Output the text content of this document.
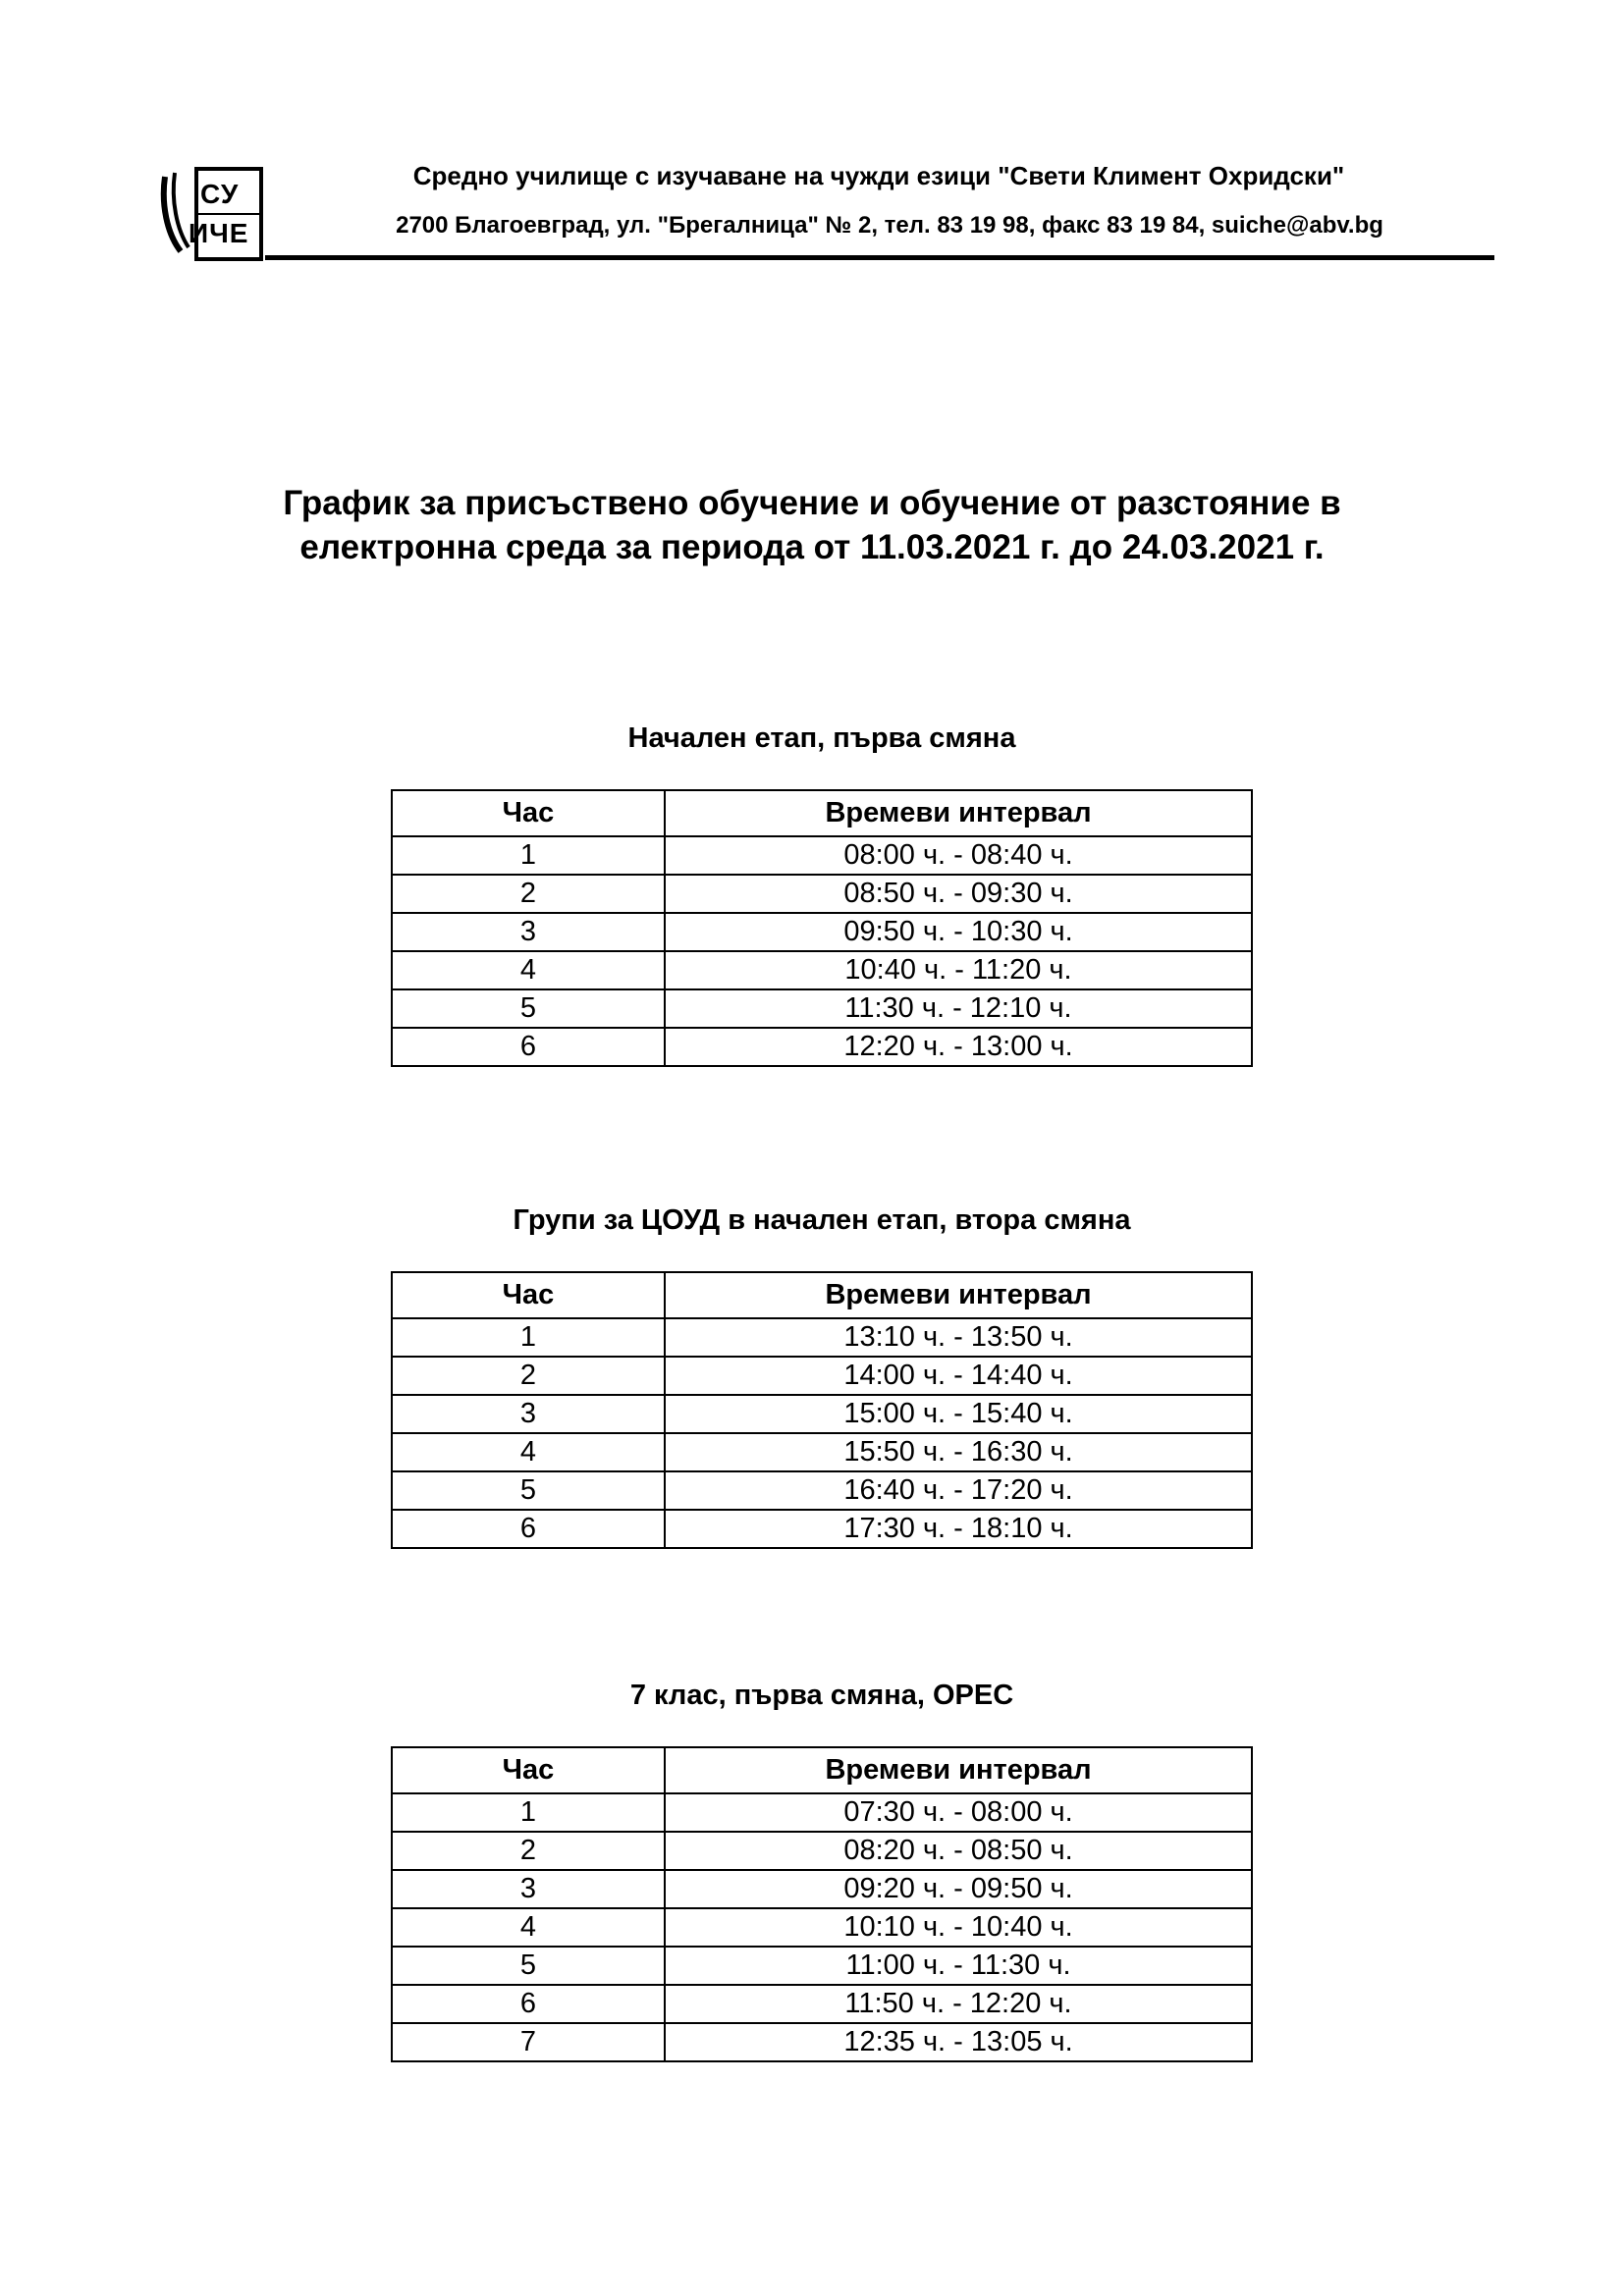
СУ
ИЧЕ
Средно училище с изучаване на чужди езици "Свети Климент Охридски"
2700 Благоевград, ул. "Брегалница" № 2, тел. 83 19 98, факс 83 19 84, suiche@abv.bg
График за присъствено обучение и обучение от разстояние в
електронна среда за периода от 11.03.2021 г. до 24.03.2021 г.
Начален етап, първа смяна
Час	Времеви интервал
1	08:00 ч. - 08:40 ч.
2	08:50 ч. - 09:30 ч.
3	09:50 ч. - 10:30 ч.
4	10:40 ч. - 11:20 ч.
5	11:30 ч. - 12:10 ч.
6	12:20 ч. - 13:00 ч.
Групи за ЦОУД в начален етап, втора смяна
Час	Времеви интервал
1	13:10 ч. - 13:50 ч.
2	14:00 ч. - 14:40 ч.
3	15:00 ч. - 15:40 ч.
4	15:50 ч. - 16:30 ч.
5	16:40 ч. - 17:20 ч.
6	17:30 ч. - 18:10 ч.
7 клас, първа смяна, ОРЕС
Час	Времеви интервал
1	07:30 ч. - 08:00 ч.
2	08:20 ч. - 08:50 ч.
3	09:20 ч. - 09:50 ч.
4	10:10 ч. - 10:40 ч.
5	11:00 ч. - 11:30 ч.
6	11:50 ч. - 12:20 ч.
7	12:35 ч. - 13:05 ч.
